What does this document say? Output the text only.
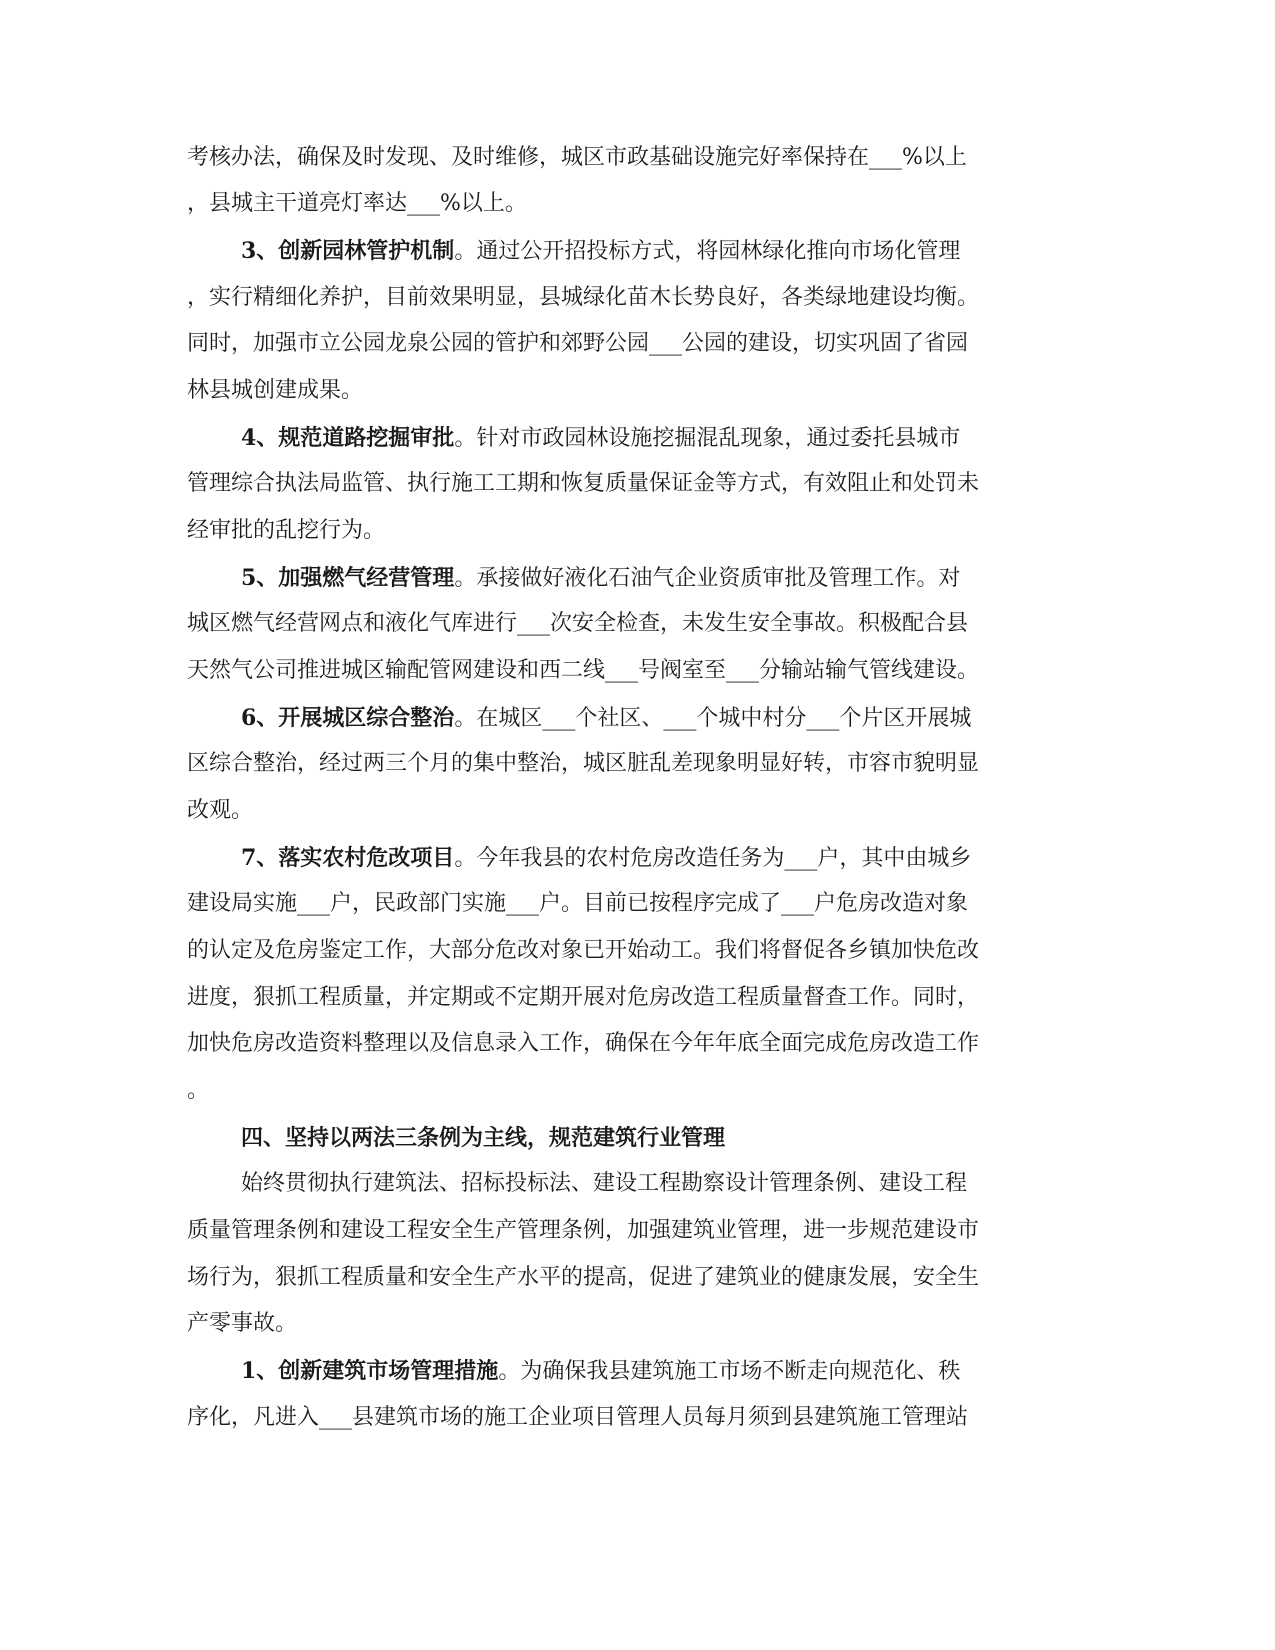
考核办法，确保及时发现、及时维修，城区市政基础设施完好率保持在___%以上
，县城主干道亮灯率达___%以上。
3、创新园林管护机制。通过公开招投标方式，将园林绿化推向市场化管理
，实行精细化养护，目前效果明显，县城绿化苗木长势良好，各类绿地建设均衡。
同时，加强市立公园龙泉公园的管护和郊野公园___公园的建设，切实巩固了省园
林县城创建成果。
4、规范道路挖掘审批。针对市政园林设施挖掘混乱现象，通过委托县城市
管理综合执法局监管、执行施工工期和恢复质量保证金等方式，有效阻止和处罚未
经审批的乱挖行为。
5、加强燃气经营管理。承接做好液化石油气企业资质审批及管理工作。对
城区燃气经营网点和液化气库进行___次安全检查，未发生安全事故。积极配合县
天然气公司推进城区输配管网建设和西二线___号阀室至___分输站输气管线建设。
6、开展城区综合整治。在城区___个社区、___个城中村分___个片区开展城
区综合整治，经过两三个月的集中整治，城区脏乱差现象明显好转，市容市貌明显
改观。
7、落实农村危改项目。今年我县的农村危房改造任务为___户，其中由城乡
建设局实施___户，民政部门实施___户。目前已按程序完成了___户危房改造对象
的认定及危房鉴定工作，大部分危改对象已开始动工。我们将督促各乡镇加快危改
进度，狠抓工程质量，并定期或不定期开展对危房改造工程质量督查工作。同时，
加快危房改造资料整理以及信息录入工作，确保在今年年底全面完成危房改造工作
。
四、坚持以两法三条例为主线，规范建筑行业管理
始终贯彻执行建筑法、招标投标法、建设工程勘察设计管理条例、建设工程
质量管理条例和建设工程安全生产管理条例，加强建筑业管理，进一步规范建设市
场行为，狠抓工程质量和安全生产水平的提高，促进了建筑业的健康发展，安全生
产零事故。
1、创新建筑市场管理措施。为确保我县建筑施工市场不断走向规范化、秩
序化，凡进入___县建筑市场的施工企业项目管理人员每月须到县建筑施工管理站
